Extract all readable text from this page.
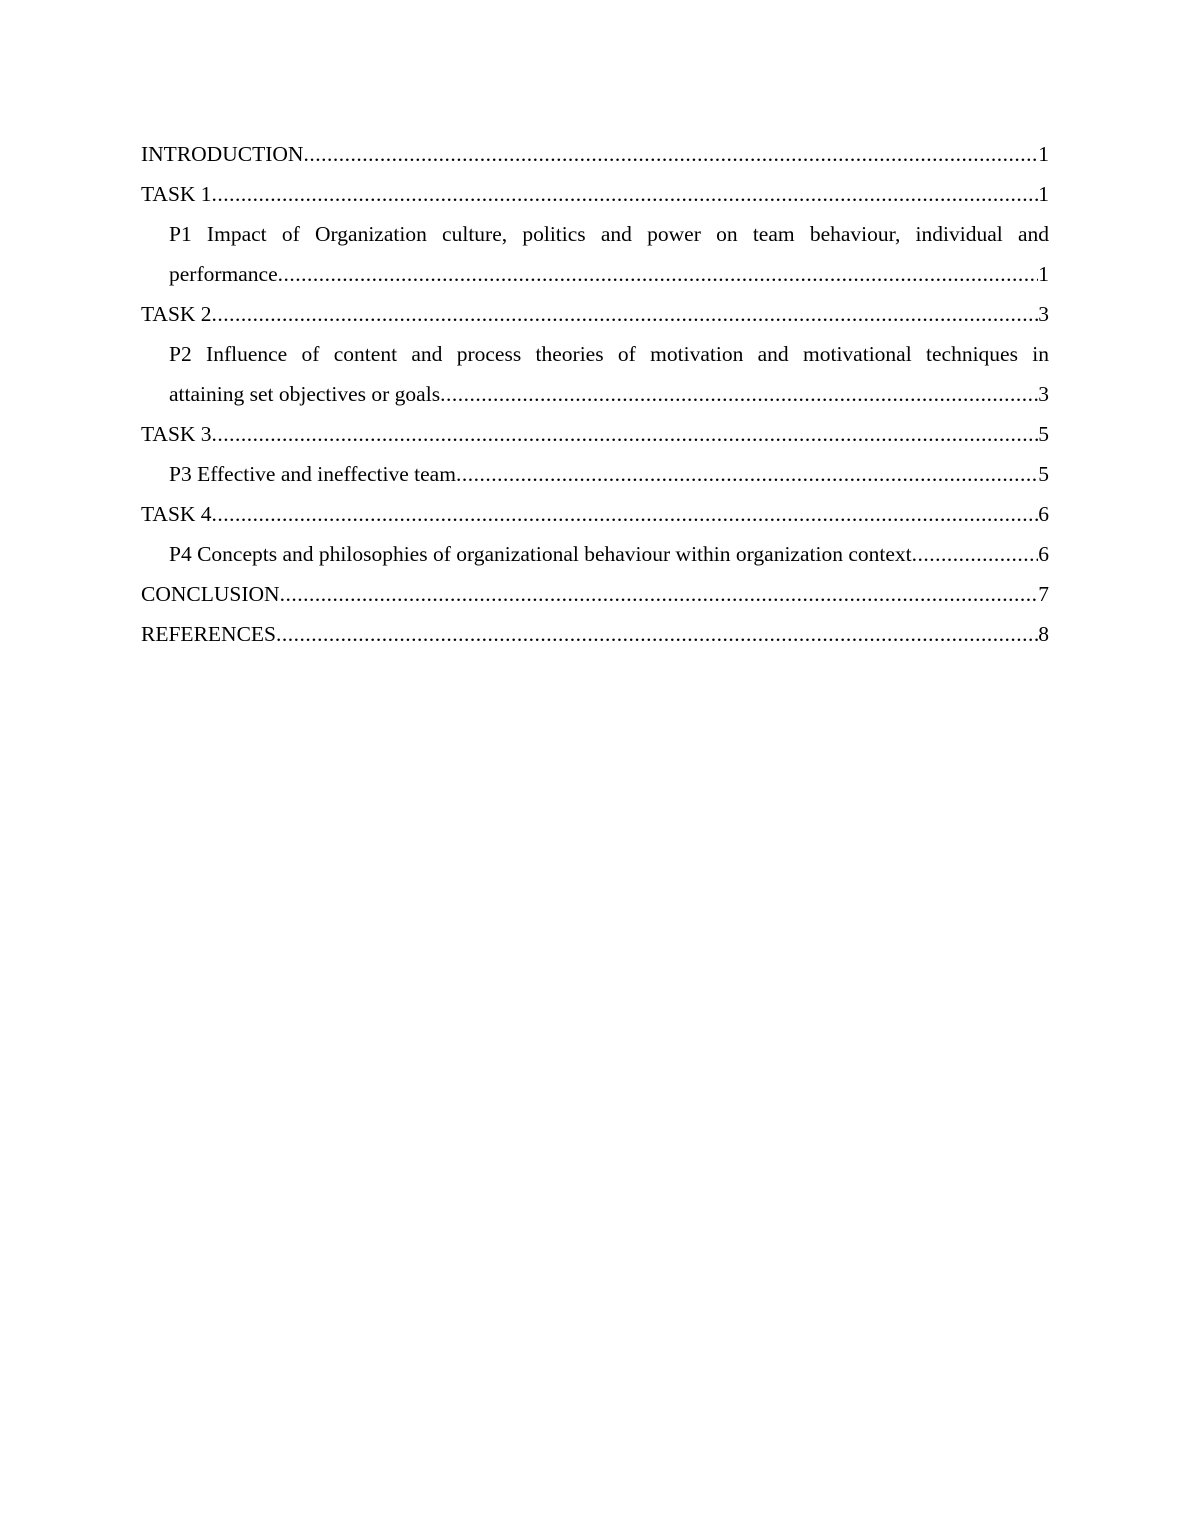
INTRODUCTION .....	1
TASK 1 .....	1
P1 Impact of Organization culture, politics and power on team behaviour, individual and
performance .....	1
TASK 2 .....	3
P2 Influence of content and process theories of motivation and motivational techniques in
attaining set objectives or goals .....	3
TASK 3 .....	5
P3 Effective and ineffective team .....	5
TASK 4 .....	6
P4 Concepts and philosophies of organizational behaviour within organization context .....	6
CONCLUSION .....	7
REFERENCES .....	8
